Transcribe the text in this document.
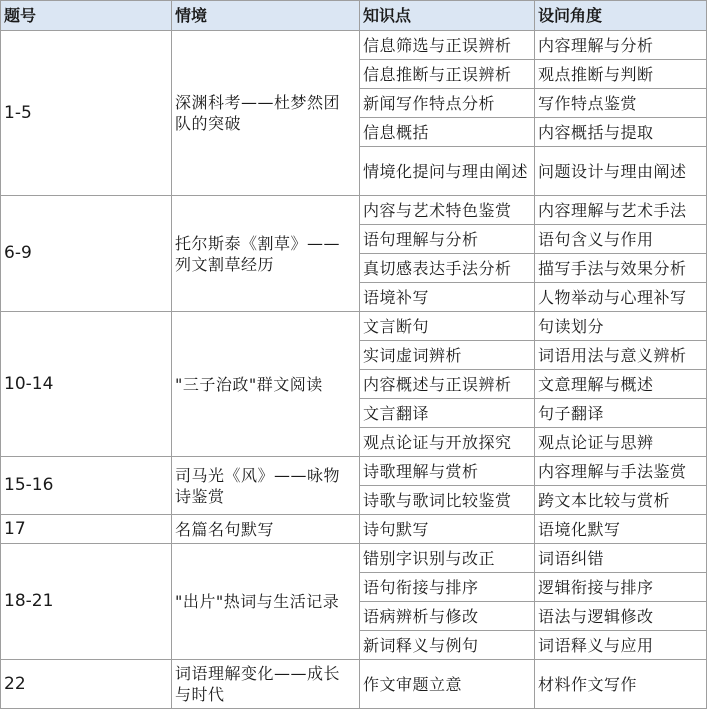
题号	情境	知识点	设问角度
1-5	深渊科考——杜梦然团队的突破	信息筛选与正误辨析	内容理解与分析
		信息推断与正误辨析	观点推断与判断
		新闻写作特点分析	写作特点鉴赏
		信息概括	内容概括与提取
		情境化提问与理由阐述	问题设计与理由阐述
6-9	托尔斯泰《割草》——列文割草经历	内容与艺术特色鉴赏	内容理解与艺术手法
		语句理解与分析	语句含义与作用
		真切感表达手法分析	描写手法与效果分析
		语境补写	人物举动与心理补写
10-14	"三子治政"群文阅读	文言断句	句读划分
		实词虚词辨析	词语用法与意义辨析
		内容概述与正误辨析	文意理解与概述
		文言翻译	句子翻译
		观点论证与开放探究	观点论证与思辨
15-16	司马光《风》——咏物诗鉴赏	诗歌理解与赏析	内容理解与手法鉴赏
		诗歌与歌词比较鉴赏	跨文本比较与赏析
17	名篇名句默写	诗句默写	语境化默写
18-21	"出片"热词与生活记录	错别字识别与改正	词语纠错
		语句衔接与排序	逻辑衔接与排序
		语病辨析与修改	语法与逻辑修改
		新词释义与例句	词语释义与应用
22	词语理解变化——成长与时代	作文审题立意	材料作文写作
